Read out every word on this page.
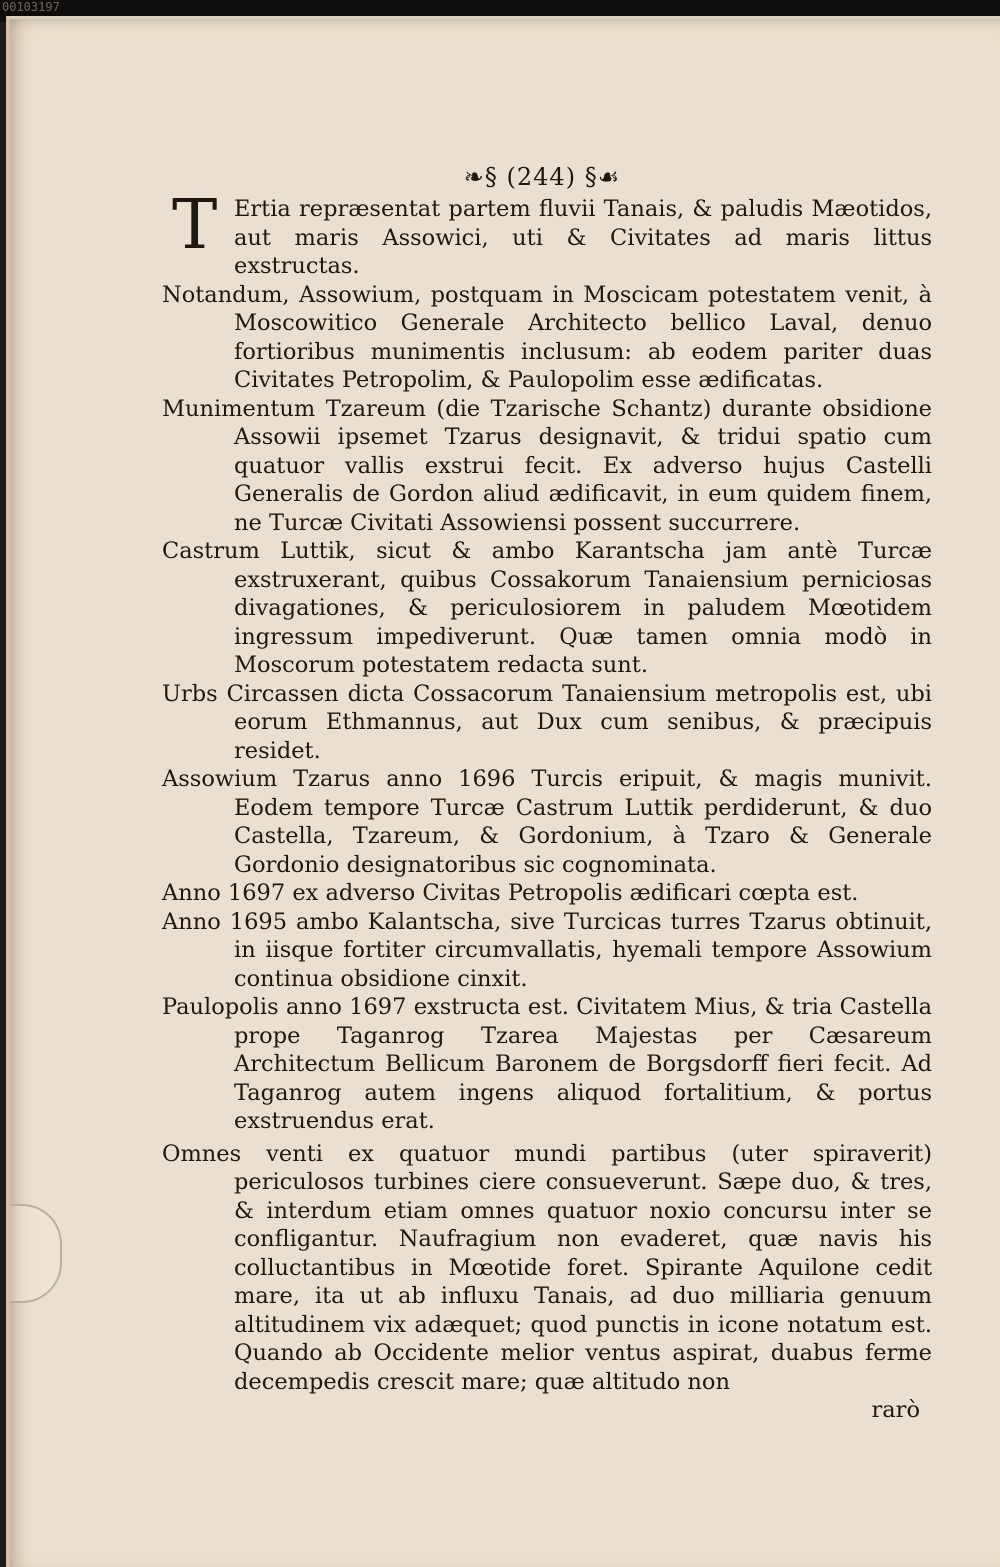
00103197
❧§ (244) §☙

T Ertia repræsentat partem fluvii Tanais, & paludis Mæotidos, aut maris Assowici, uti & Civitates ad maris littus exstructas.

Notandum, Assowium, postquam in Moscicam potestatem venit, à Moscowitico Generale Architecto bellico Laval, denuo fortioribus munimentis inclusum: ab eodem pariter duas Civitates Petropolim, & Paulopolim esse ædificatas.

Munimentum Tzareum (die Tzarische Schantz) durante obsidione Assowii ipsemet Tzarus designavit, & tridui spatio cum quatuor vallis exstrui fecit. Ex adverso hujus Castelli Generalis de Gordon aliud ædificavit, in eum quidem finem, ne Turcæ Civitati Assowiensi possent succurrere.

Castrum Luttik, sicut & ambo Karantscha jam antè Turcæ exstruxerant, quibus Cossakorum Tanaiensium perniciosas divagationes, & periculosiorem in paludem Mœotidem ingressum impediverunt. Quæ tamen omnia modò in Moscorum potestatem redacta sunt.

Urbs Circassen dicta Cossacorum Tanaiensium metropolis est, ubi eorum Ethmannus, aut Dux cum senibus, & præcipuis residet.

Assowium Tzarus anno 1696 Turcis eripuit, & magis munivit. Eodem tempore Turcæ Castrum Luttik perdiderunt, & duo Castella, Tzareum, & Gordonium, à Tzaro & Generale Gordonio designatoribus sic cognominata.

Anno 1697 ex adverso Civitas Petropolis ædificari cœpta est.

Anno 1695 ambo Kalantscha, sive Turcicas turres Tzarus obtinuit, in iisque fortiter circumvallatis, hyemali tempore Assowium continua obsidione cinxit.

Paulopolis anno 1697 exstructa est. Civitatem Mius, & tria Castella prope Taganrog Tzarea Majestas per Cæsareum Architectum Bellicum Baronem de Borgsdorff fieri fecit. Ad Taganrog autem ingens aliquod fortalitium, & portus exstruendus erat.

Omnes venti ex quatuor mundi partibus (uter spiraverit) periculosos turbines ciere consueverunt. Sæpe duo, & tres, & interdum etiam omnes quatuor noxio concursu inter se confligantur. Naufragium non evaderet, quæ navis his colluctantibus in Mœotide foret. Spirante Aquilone cedit mare, ita ut ab influxu Tanais, ad duo milliaria genuum altitudinem vix adæquet; quod punctis in icone notatum est. Quando ab Occidente melior ventus aspirat, duabus ferme decempedis crescit mare; quæ altitudo non

rarò
